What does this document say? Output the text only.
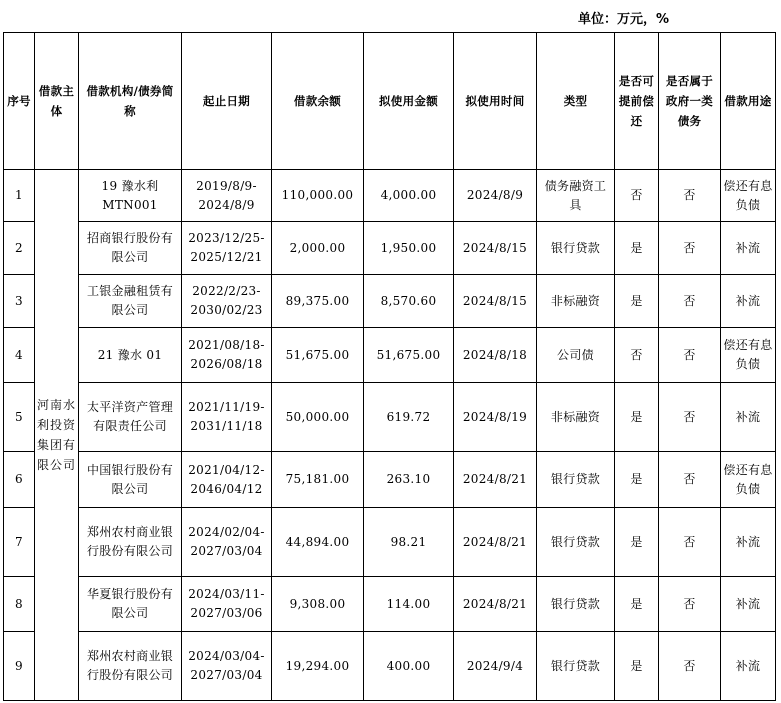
单位：万元，%
序号	借款主体	借款机构/债券简称	起止日期	借款余额	拟使用金额	拟使用时间	类型	是否可提前偿还	是否属于政府一类债务	借款用途
1	河南水利投资集团有限公司	19 豫水利 MTN001	2019/8/9-2024/8/9	110,000.00	4,000.00	2024/8/9	债务融资工具	否	否	偿还有息负债
2		招商银行股份有限公司	2023/12/25-2025/12/21	2,000.00	1,950.00	2024/8/15	银行贷款	是	否	补流
3		工银金融租赁有限公司	2022/2/23-2030/02/23	89,375.00	8,570.60	2024/8/15	非标融资	是	否	补流
4		21 豫水 01	2021/08/18-2026/08/18	51,675.00	51,675.00	2024/8/18	公司债	否	否	偿还有息负债
5		太平洋资产管理有限责任公司	2021/11/19-2031/11/18	50,000.00	619.72	2024/8/19	非标融资	是	否	补流
6		中国银行股份有限公司	2021/04/12-2046/04/12	75,181.00	263.10	2024/8/21	银行贷款	是	否	偿还有息负债
7		郑州农村商业银行股份有限公司	2024/02/04-2027/03/04	44,894.00	98.21	2024/8/21	银行贷款	是	否	补流
8		华夏银行股份有限公司	2024/03/11-2027/03/06	9,308.00	114.00	2024/8/21	银行贷款	是	否	补流
9		郑州农村商业银行股份有限公司	2024/03/04-2027/03/04	19,294.00	400.00	2024/9/4	银行贷款	是	否	补流
